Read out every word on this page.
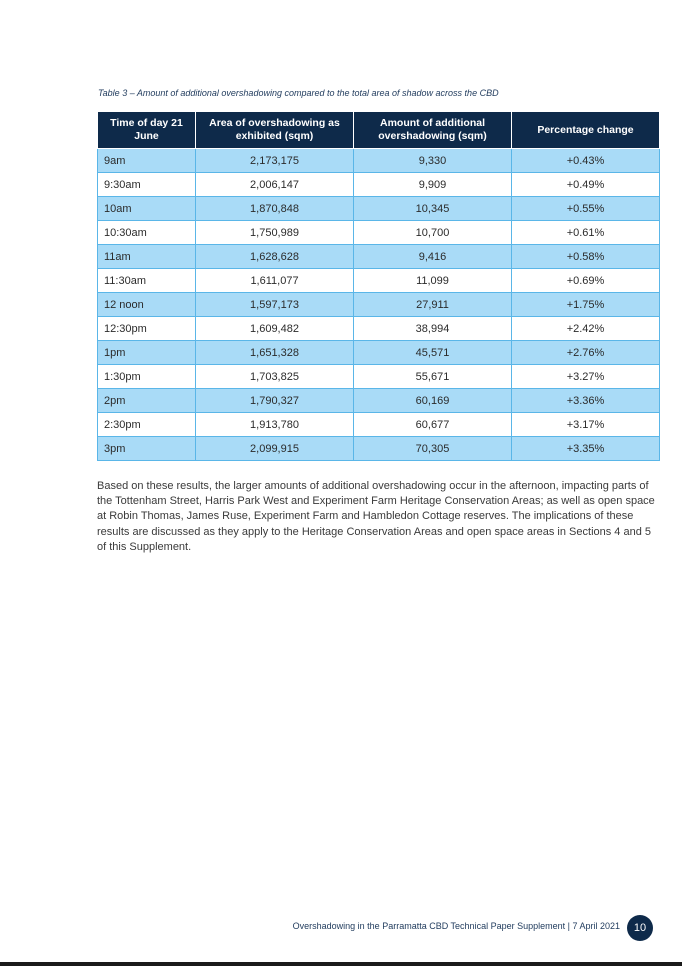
Table 3 – Amount of additional overshadowing compared to the total area of shadow across the CBD
Time of day 21 June	Area of overshadowing as exhibited (sqm)	Amount of additional overshadowing (sqm)	Percentage change
9am	2,173,175	9,330	+0.43%
9:30am	2,006,147	9,909	+0.49%
10am	1,870,848	10,345	+0.55%
10:30am	1,750,989	10,700	+0.61%
11am	1,628,628	9,416	+0.58%
11:30am	1,611,077	11,099	+0.69%
12 noon	1,597,173	27,911	+1.75%
12:30pm	1,609,482	38,994	+2.42%
1pm	1,651,328	45,571	+2.76%
1:30pm	1,703,825	55,671	+3.27%
2pm	1,790,327	60,169	+3.36%
2:30pm	1,913,780	60,677	+3.17%
3pm	2,099,915	70,305	+3.35%

Based on these results, the larger amounts of additional overshadowing occur in the afternoon, impacting parts of the Tottenham Street, Harris Park West and Experiment Farm Heritage Conservation Areas; as well as open space at Robin Thomas, James Ruse, Experiment Farm and Hambledon Cottage reserves. The implications of these results are discussed as they apply to the Heritage Conservation Areas and open space areas in Sections 4 and 5 of this Supplement.

Overshadowing in the Parramatta CBD Technical Paper Supplement | 7 April 2021	10
